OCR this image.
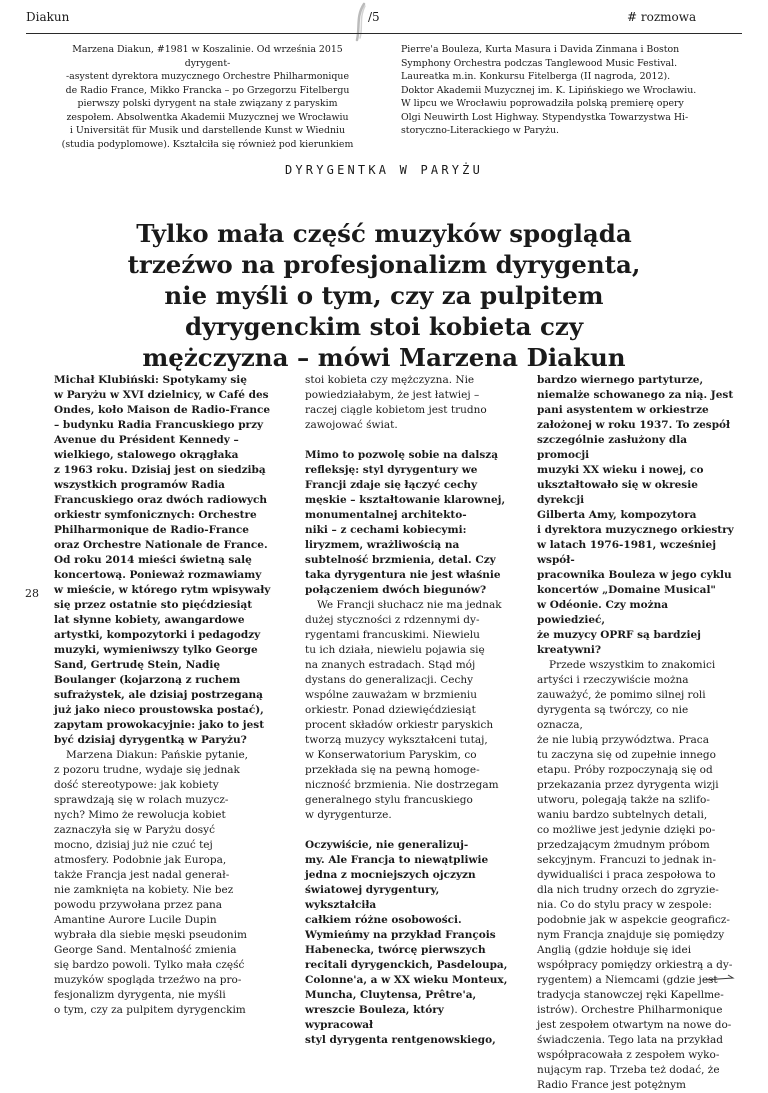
Diakun	/5	# rozmowa

Marzena Diakun, #1981 w Koszalinie. Od września 2015 dyrygent-

-asystent dyrektora muzycznego Orchestre Philharmonique

de Radio France, Mikko Francka – po Grzegorzu Fitelbergu

pierwszy polski dyrygent na stałe związany z paryskim

zespołem. Absolwentka Akademii Muzycznej we Wrocławiu

i Universität für Musik und darstellende Kunst w Wiedniu

(studia podyplomowe). Kształciła się również pod kierunkiem

Pierre'a Bouleza, Kurta Masura i Davida Zinmana i Boston

Symphony Orchestra podczas Tanglewood Music Festival.

Laureatka m.in. Konkursu Fitelberga (II nagroda, 2012).

Doktor Akademii Muzycznej im. K. Lipińskiego we Wrocławiu.

W lipcu we Wrocławiu poprowadziła polską premierę opery

Olgi Neuwirth Lost Highway. Stypendystka Towarzystwa Hi-

storyczno-Literackiego w Paryżu.

DYRYGENTKA W PARYŻU
Tylko mała część muzyków spogląda
trzeźwo na profesjonalizm dyrygenta,
nie myśli o tym, czy za pulpitem
dyrygenckim stoi kobieta czy
mężczyzna – mówi Marzena Diakun
28
Michał Klubiński: Spotykamy się
w Paryżu w XVI dzielnicy, w Café des
Ondes, koło Maison de Radio-France
– budynku Radia Francuskiego przy
Avenue du Président Kennedy –
wielkiego, stalowego okrągłaka
z 1963 roku. Dzisiaj jest on siedzibą
wszystkich programów Radia
Francuskiego oraz dwóch radiowych
orkiestr symfonicznych: Orchestre
Philharmonique de Radio-France
oraz Orchestre Nationale de France.
Od roku 2014 mieści świetną salę
koncertową. Ponieważ rozmawiamy
w mieście, w którego rytm wpisywały
się przez ostatnie sto pięćdziesiąt
lat słynne kobiety, awangardowe
artystki, kompozytorki i pedagodzy
muzyki, wymieniwszy tylko George
Sand, Gertrudę Stein, Nadię
Boulanger (kojarzoną z ruchem
sufrażystek, ale dzisiaj postrzeganą
już jako nieco proustowska postać),
zapytam prowokacyjnie: jako to jest
być dzisiaj dyrygentką w Paryżu?
Marzena Diakun: Pańskie pytanie,
z pozoru trudne, wydaje się jednak
dość stereotypowe: jak kobiety
sprawdzają się w rolach muzycz-
nych? Mimo że rewolucja kobiet
zaznaczyła się w Paryżu dosyć
mocno, dzisiaj już nie czuć tej
atmosfery. Podobnie jak Europa,
także Francja jest nadal generał-
nie zamknięta na kobiety. Nie bez
powodu przywołana przez pana
Amantine Aurore Lucile Dupin
wybrała dla siebie męski pseudonim
George Sand. Mentalność zmienia
się bardzo powoli. Tylko mała część
muzyków spogląda trzeźwo na pro-
fesjonalizm dyrygenta, nie myśli
o tym, czy za pulpitem dyrygenckim
stoi kobieta czy mężczyzna. Nie
powiedziałabym, że jest łatwiej –
raczej ciągle kobietom jest trudno
zawojować świat.
Mimo to pozwolę sobie na dalszą
refleksję: styl dyrygentury we
Francji zdaje się łączyć cechy
męskie – kształtowanie klarownej,
monumentalnej architekto-
niki – z cechami kobiecymi:
liryzmem, wrażliwością na
subtelność brzmienia, detal. Czy
taka dyrygentura nie jest właśnie
połączeniem dwóch biegunów?
We Francji słuchacz nie ma jednak
dużej styczności z rdzennymi dy-
rygentami francuskimi. Niewielu
tu ich działa, niewielu pojawia się
na znanych estradach. Stąd mój
dystans do generalizacji. Cechy
wspólne zauważam w brzmieniu
orkiestr. Ponad dziewięćdziesiąt
procent składów orkiestr paryskich
tworzą muzycy wykształceni tutaj,
w Konserwatorium Paryskim, co
przekłada się na pewną homoge-
niczność brzmienia. Nie dostrzegam
generalnego stylu francuskiego
w dyrygenturze.
Oczywiście, nie generalizuj-
my. Ale Francja to niewątpliwie
jedna z mocniejszych ojczyzn
światowej dyrygentury, wykształciła
całkiem różne osobowości.
Wymieńmy na przykład François
Habenecka, twórcę pierwszych
recitali dyrygenckich, Pasdeloupa,
Colonne'a, a w XX wieku Monteux,
Muncha, Cluytensa, Prêtre'a,
wreszcie Bouleza, który wypracował
styl dyrygenta rentgenowskiego,
bardzo wiernego partyturze,
niemalże schowanego za nią. Jest
pani asystentem w orkiestrze
założonej w roku 1937. To zespół
szczególnie zasłużony dla promocji
muzyki XX wieku i nowej, co
ukształtowało się w okresie dyrekcji
Gilberta Amy, kompozytora
i dyrektora muzycznego orkiestry
w latach 1976-1981, wcześniej współ-
pracownika Bouleza w jego cyklu
koncertów „Domaine Musical"
w Odéonie. Czy można powiedzieć,
że muzycy OPRF są bardziej
kreatywni?
Przede wszystkim to znakomici
artyści i rzeczywiście można
zauważyć, że pomimo silnej roli
dyrygenta są twórczy, co nie oznacza,
że nie lubią przywództwa. Praca
tu zaczyna się od zupełnie innego
etapu. Próby rozpoczynają się od
przekazania przez dyrygenta wizji
utworu, polegają także na szlifo-
waniu bardzo subtelnych detali,
co możliwe jest jedynie dzięki po-
przedzającym żmudnym próbom
sekcyjnym. Francuzi to jednak in-
dywidualiści i praca zespołowa to
dla nich trudny orzech do zgryzie-
nia. Co do stylu pracy w zespole:
podobnie jak w aspekcie geograficz-
nym Francja znajduje się pomiędzy
Anglią (gdzie hołduje się idei
współpracy pomiędzy orkiestrą a dy-
rygentem) a Niemcami (gdzie jest
tradycja stanowczej ręki Kapellme-
istrów). Orchestre Philharmonique
jest zespołem otwartym na nowe do-
świadczenia. Tego lata na przykład
współpracowała z zespołem wyko-
nującym rap. Trzeba też dodać, że
Radio France jest potężnym
